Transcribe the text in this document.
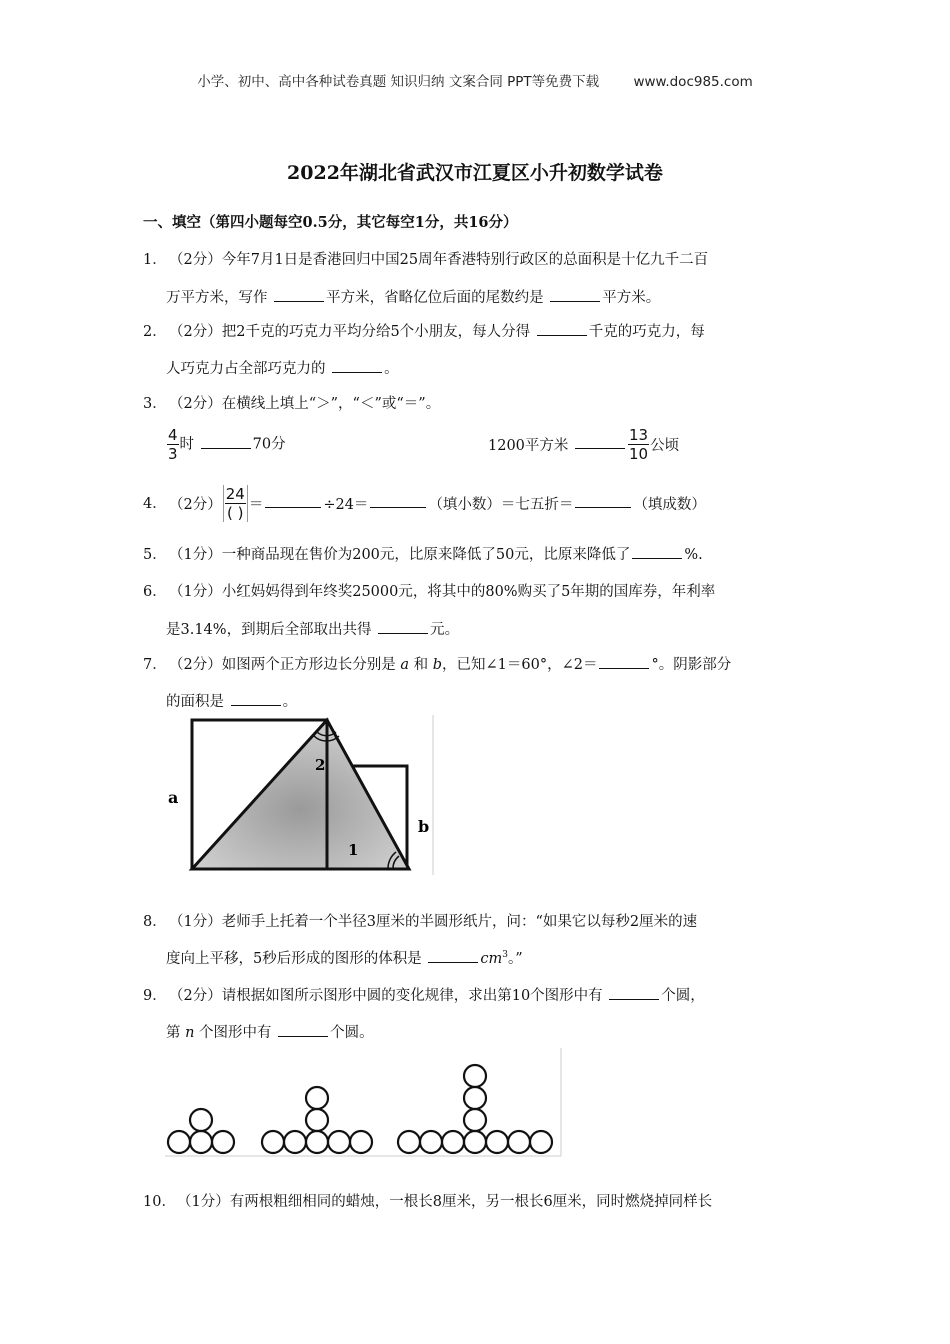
小学、初中、高中各种试卷真题 知识归纳 文案合同 PPT等免费下载	www.doc985.com
2022年湖北省武汉市江夏区小升初数学试卷
一、填空（第四小题每空0.5分，其它每空1分，共16分）
1． （2分）今年7月1日是香港回归中国25周年香港特别行政区的总面积是十亿九千二百
万平方米，写作	平方米，省略亿位后面的尾数约是	平方米。
2． （2分）把2千克的巧克力平均分给5个小朋友，每人分得	千克的巧克力，每
人巧克力占全部巧克力的	。
3． （2分）在横线上填上“＞”，“＜”或“＝”。
$\frac{4}{3}$ 时	70分	1200平方米	$\frac{13}{10}$ 公顷
4． （2分） $\frac{24}{( )}$ ＝	÷24＝	（填小数）＝七五折＝	（填成数）
5． （1分）一种商品现在售价为200元，比原来降低了50元，比原来降低了	%.
6． （1分）小红妈妈得到年终奖25000元，将其中的80%购买了5年期的国库券，年利率
是3.14%，到期后全部取出共得	元。
7． （2分）如图两个正方形边长分别是 a 和 b，已知∠1＝60°，∠2＝	°。阴影部分
的面积是	。
a
b
1
2
8． （1分）老师手上托着一个半径3厘米的半圆形纸片，问：“如果它以每秒2厘米的速
度向上平移，5秒后形成的图形的体积是	$cm^3$。”
9． （2分）请根据如图所示图形中圆的变化规律，求出第10个图形中有	个圆，
第 n 个图形中有	个圆。
10．（1分）有两根粗细相同的蜡烛，一根长8厘米，另一根长6厘米，同时燃烧掉同样长
